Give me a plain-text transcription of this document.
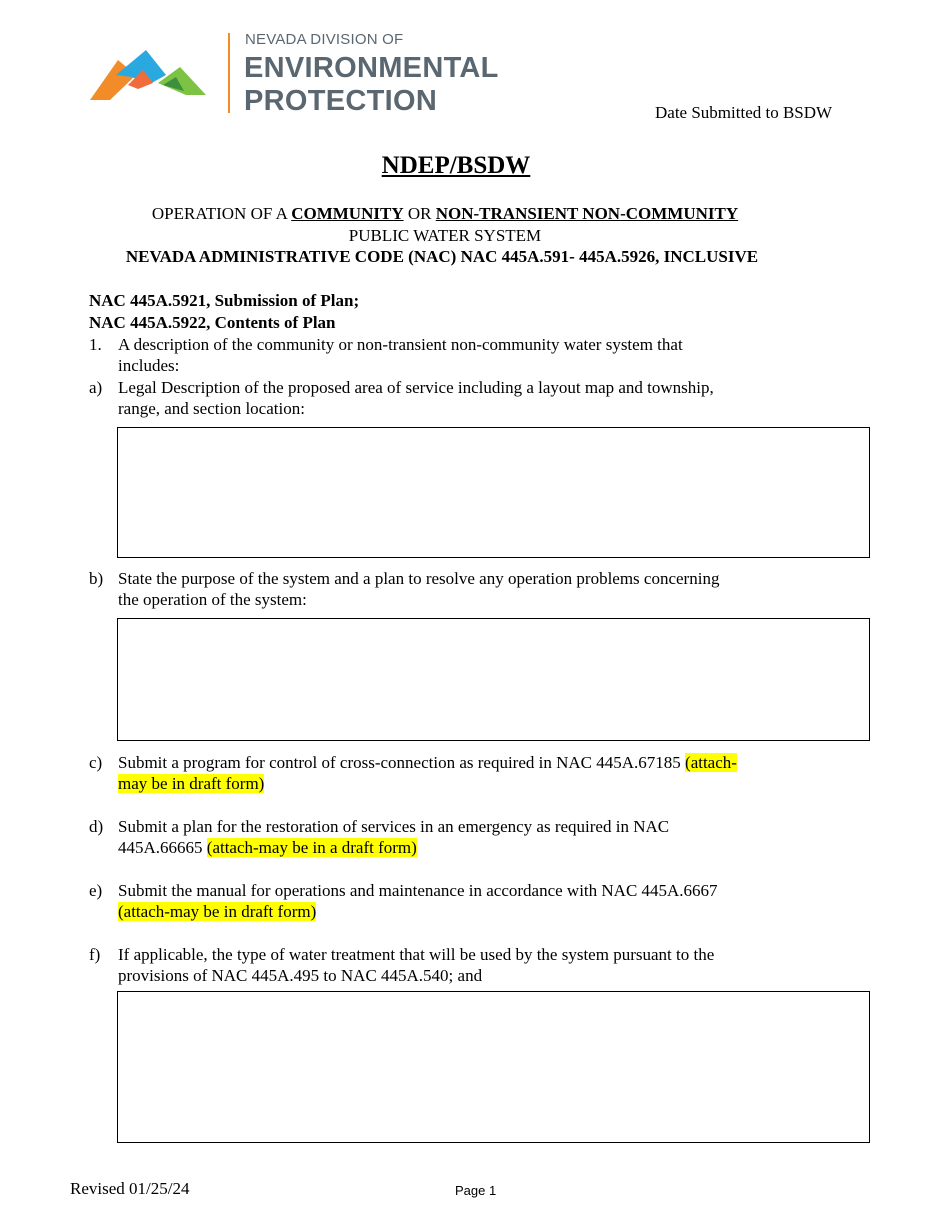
NEVADA DIVISION OF
ENVIRONMENTAL
PROTECTION	Date Submitted to BSDW
NDEP/BSDW
OPERATION OF A COMMUNITY OR NON-TRANSIENT NON-COMMUNITY
PUBLIC WATER SYSTEM
NEVADA ADMINISTRATIVE CODE (NAC) NAC 445A.591- 445A.5926, INCLUSIVE
NAC 445A.5921, Submission of Plan;
NAC 445A.5922, Contents of Plan
1. A description of the community or non-transient non-community water system that
includes:
a) Legal Description of the proposed area of service including a layout map and township,
range, and section location:
b) State the purpose of the system and a plan to resolve any operation problems concerning
the operation of the system:
c) Submit a program for control of cross-connection as required in NAC 445A.67185 (attach-
may be in draft form)
d) Submit a plan for the restoration of services in an emergency as required in NAC
445A.66665 (attach-may be in a draft form)
e) Submit the manual for operations and maintenance in accordance with NAC 445A.6667
(attach-may be in draft form)
f) If applicable, the type of water treatment that will be used by the system pursuant to the
provisions of NAC 445A.495 to NAC 445A.540; and
Revised 01/25/24	Page 1
